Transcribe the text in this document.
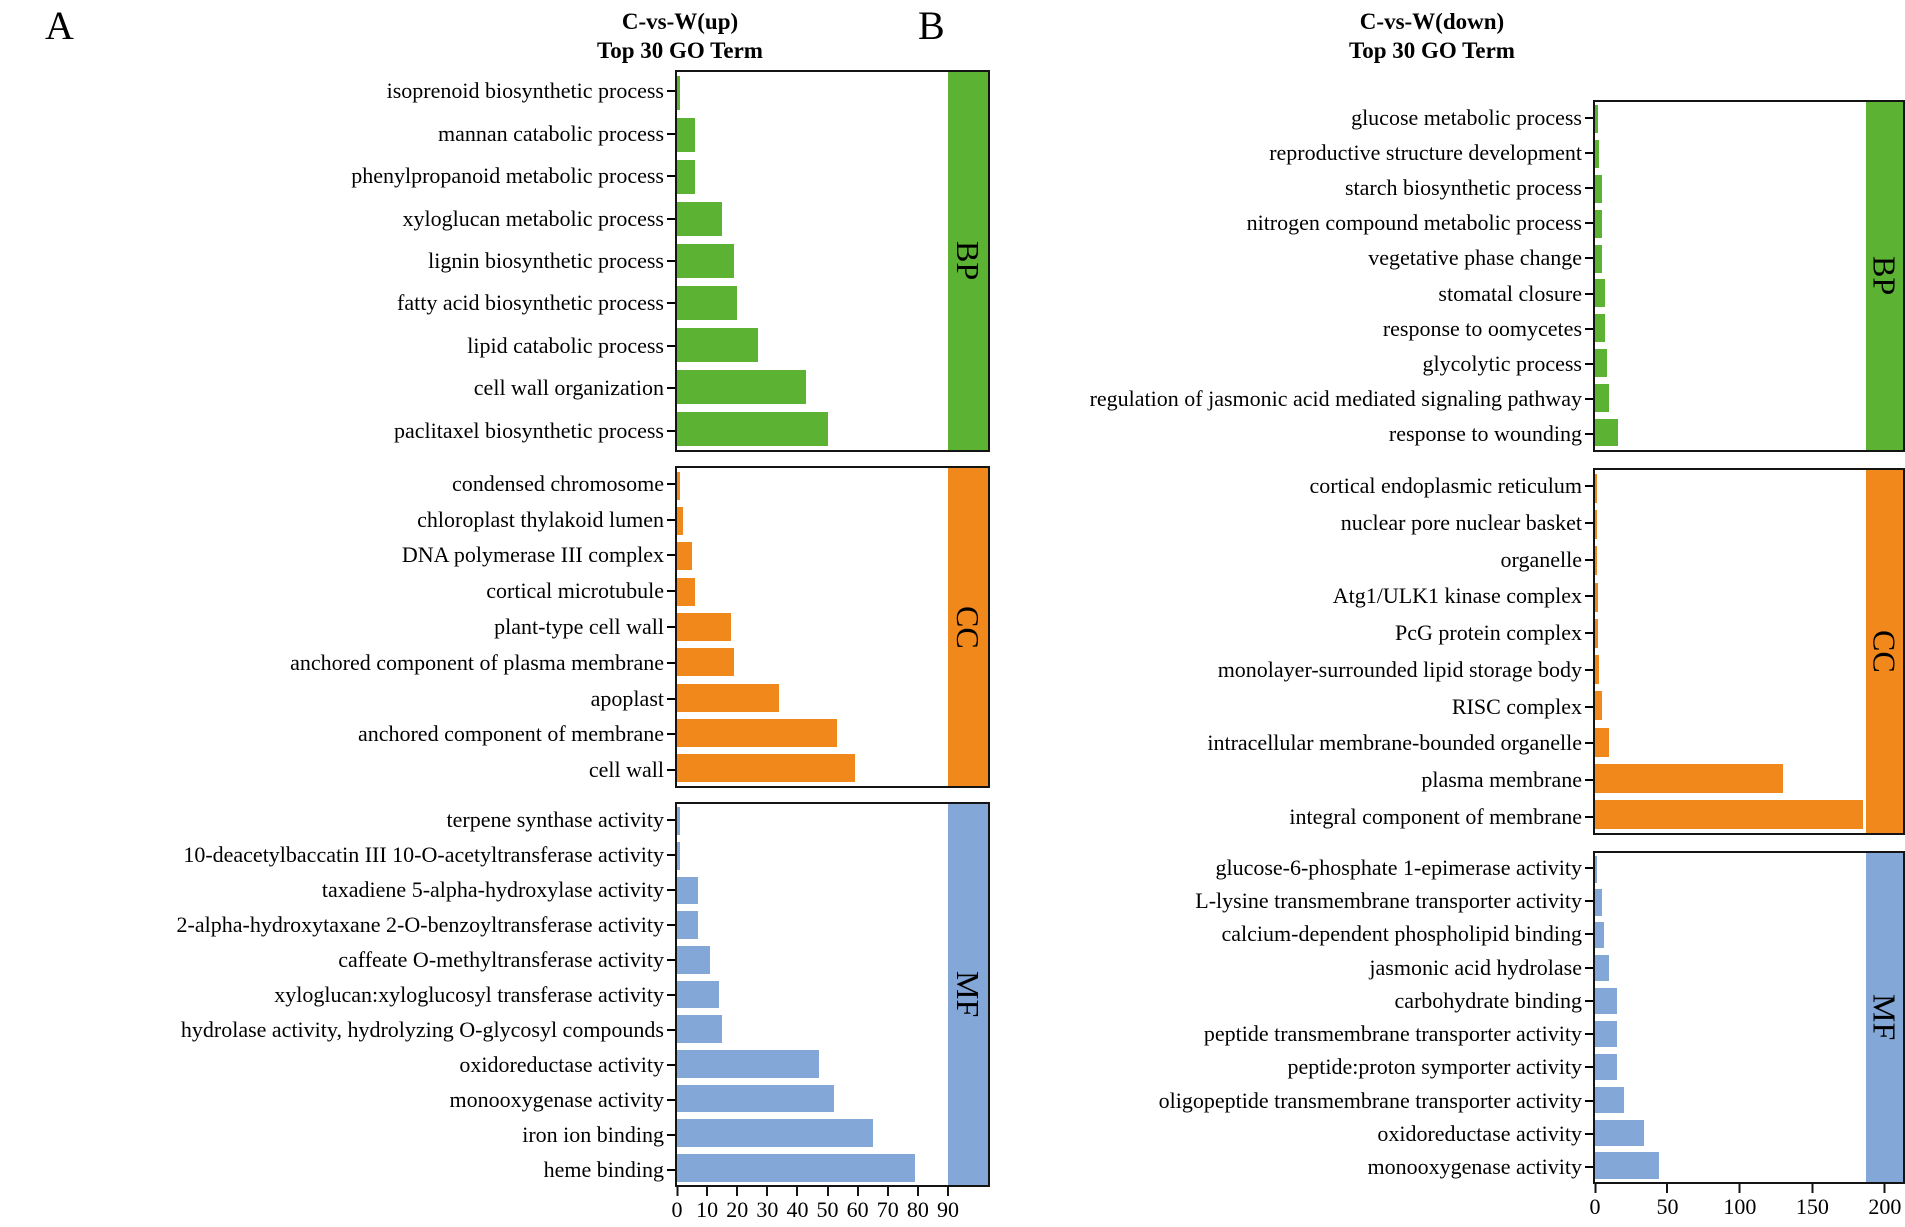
A	C-vs-W(up)
Top 30 GO Term
isoprenoid biosynthetic process
mannan catabolic process
phenylpropanoid metabolic process
xyloglucan metabolic process
lignin biosynthetic process
fatty acid biosynthetic process
lipid catabolic process
cell wall organization
paclitaxel biosynthetic process
BP
condensed chromosome
chloroplast thylakoid lumen
DNA polymerase III complex
cortical microtubule
plant-type cell wall
anchored component of plasma membrane
apoplast
anchored component of membrane
cell wall
CC
terpene synthase activity
10-deacetylbaccatin III 10-O-acetyltransferase activity
taxadiene 5-alpha-hydroxylase activity
2-alpha-hydroxytaxane 2-O-benzoyltransferase activity
caffeate O-methyltransferase activity
xyloglucan:xyloglucosyl transferase activity
hydrolase activity, hydrolyzing O-glycosyl compounds
oxidoreductase activity
monooxygenase activity
iron ion binding
heme binding
MF
0 10 20 30 40 50 60 70 80 90
B	C-vs-W(down)
Top 30 GO Term
glucose metabolic process
reproductive structure development
starch biosynthetic process
nitrogen compound metabolic process
vegetative phase change
stomatal closure
response to oomycetes
glycolytic process
regulation of jasmonic acid mediated signaling pathway
response to wounding
BP
cortical endoplasmic reticulum
nuclear pore nuclear basket
organelle
Atg1/ULK1 kinase complex
PcG protein complex
monolayer-surrounded lipid storage body
RISC complex
intracellular membrane-bounded organelle
plasma membrane
integral component of membrane
CC
glucose-6-phosphate 1-epimerase activity
L-lysine transmembrane transporter activity
calcium-dependent phospholipid binding
jasmonic acid hydrolase
carbohydrate binding
peptide transmembrane transporter activity
peptide:proton symporter activity
oligopeptide transmembrane transporter activity
oxidoreductase activity
monooxygenase activity
MF
0	50 100 150 200
